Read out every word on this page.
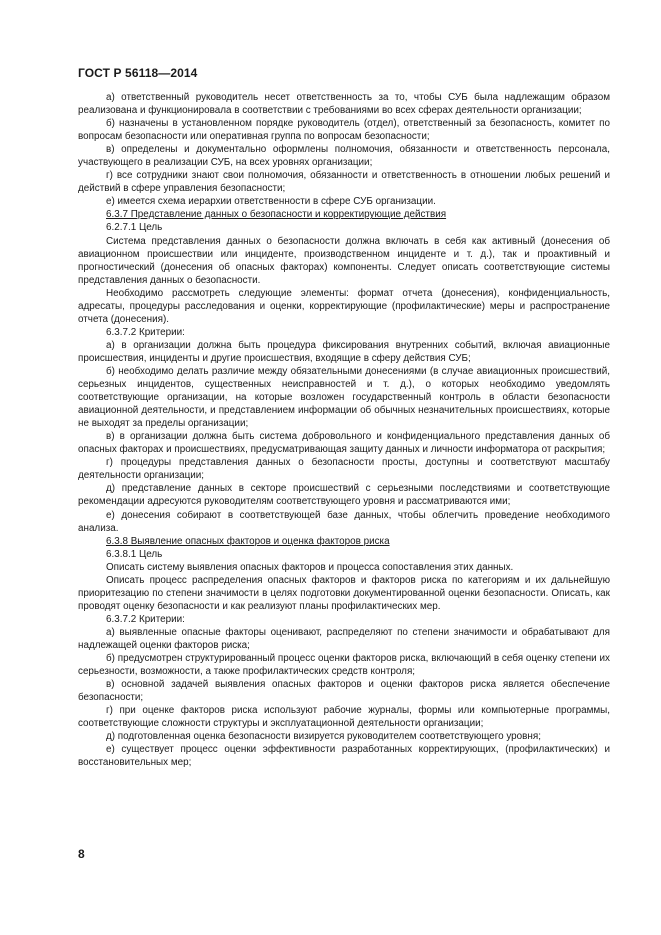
ГОСТ Р 56118—2014

а) ответственный руководитель несет ответственность за то, чтобы СУБ была надлежащим образом реализована и функционировала в соответствии с требованиями во всех сферах деятельности организации;

б) назначены в установленном порядке руководитель (отдел), ответственный за безопасность, комитет по вопросам безопасности или оперативная группа по вопросам безопасности;

в) определены и документально оформлены полномочия, обязанности и ответственность персонала, участвующего в реализации СУБ, на всех уровнях организации;

г) все сотрудники знают свои полномочия, обязанности и ответственность в отношении любых решений и действий в сфере управления безопасности;

е) имеется схема иерархии ответственности в сфере СУБ организации.

6.3.7 Представление данных о безопасности и корректирующие действия

6.2.7.1 Цель

Система представления данных о безопасности должна включать в себя как активный (донесения об авиационном происшествии или инциденте, производственном инциденте и т. д.), так и проактивный и прогностический (донесения об опасных факторах) компоненты. Следует описать соответствующие системы представления данных о безопасности.

Необходимо рассмотреть следующие элементы: формат отчета (донесения), конфиденциальность, адресаты, процедуры расследования и оценки, корректирующие (профилактические) меры и распространение отчета (донесения).

6.3.7.2 Критерии:

а) в организации должна быть процедура фиксирования внутренних событий, включая авиационные происшествия, инциденты и другие происшествия, входящие в сферу действия СУБ;

б) необходимо делать различие между обязательными донесениями (в случае авиационных происшествий, серьезных инцидентов, существенных неисправностей и т. д.), о которых необходимо уведомлять соответствующие организации, на которые возложен государственный контроль в области безопасности авиационной деятельности, и представлением информации об обычных незначительных происшествиях, которые не выходят за пределы организации;

в) в организации должна быть система добровольного и конфиденциального представления данных об опасных факторах и происшествиях, предусматривающая защиту данных и личности информатора от раскрытия;

г) процедуры представления данных о безопасности просты, доступны и соответствуют масштабу деятельности организации;

д) представление данных в секторе происшествий с серьезными последствиями и соответствующие рекомендации адресуются руководителям соответствующего уровня и рассматриваются ими;

е) донесения собирают в соответствующей базе данных, чтобы облегчить проведение необходимого анализа.

6.3.8 Выявление опасных факторов и оценка факторов риска

6.3.8.1 Цель

Описать систему выявления опасных факторов и процесса сопоставления этих данных.

Описать процесс распределения опасных факторов и факторов риска по категориям и их дальнейшую приоритезацию по степени значимости в целях подготовки документированной оценки безопасности. Описать, как проводят оценку безопасности и как реализуют планы профилактических мер.

6.3.7.2 Критерии:

а) выявленные опасные факторы оценивают, распределяют по степени значимости и обрабатывают для надлежащей оценки факторов риска;

б) предусмотрен структурированный процесс оценки факторов риска, включающий в себя оценку степени их серьезности, возможности, а также профилактических средств контроля;

в) основной задачей выявления опасных факторов и оценки факторов риска является обеспечение безопасности;

г) при оценке факторов риска используют рабочие журналы, формы или компьютерные программы, соответствующие сложности структуры и эксплуатационной деятельности организации;

д) подготовленная оценка безопасности визируется руководителем соответствующего уровня;

е) существует процесс оценки эффективности разработанных корректирующих, (профилактических) и восстановительных мер;

8
